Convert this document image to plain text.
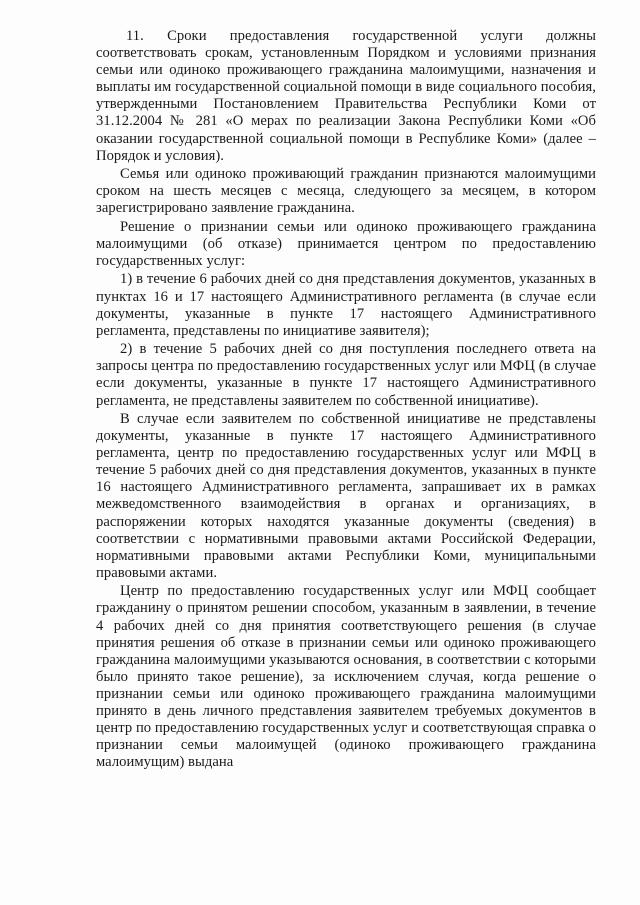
11. Сроки предоставления государственной услуги должны соответствовать срокам, установленным Порядком и условиями признания семьи или одиноко проживающего гражданина малоимущими, назначения и выплаты им государственной социальной помощи в виде социального пособия, утвержденными Постановлением Правительства Республики Коми от 31.12.2004 № 281 «О мерах по реализации Закона Республики Коми «Об оказании государственной социальной помощи в Республике Коми» (далее – Порядок и условия).

Семья или одиноко проживающий гражданин признаются малоимущими сроком на шесть месяцев с месяца, следующего за месяцем, в котором зарегистрировано заявление гражданина.

Решение о признании семьи или одиноко проживающего гражданина малоимущими (об отказе) принимается центром по предоставлению государственных услуг:

1) в течение 6 рабочих дней со дня представления документов, указанных в пунктах 16 и 17 настоящего Административного регламента (в случае если документы, указанные в пункте 17 настоящего Административного регламента, представлены по инициативе заявителя);

2) в течение 5 рабочих дней со дня поступления последнего ответа на запросы центра по предоставлению государственных услуг или МФЦ (в случае если документы, указанные в пункте 17 настоящего Административного регламента, не представлены заявителем по собственной инициативе).

В случае если заявителем по собственной инициативе не представлены документы, указанные в пункте 17 настоящего Административного регламента, центр по предоставлению государственных услуг или МФЦ в течение 5 рабочих дней со дня представления документов, указанных в пункте 16 настоящего Административного регламента, запрашивает их в рамках межведомственного взаимодействия в органах и организациях, в распоряжении которых находятся указанные документы (сведения) в соответствии с нормативными правовыми актами Российской Федерации, нормативными правовыми актами Республики Коми, муниципальными правовыми актами.

Центр по предоставлению государственных услуг или МФЦ сообщает гражданину о принятом решении способом, указанным в заявлении, в течение 4 рабочих дней со дня принятия соответствующего решения (в случае принятия решения об отказе в признании семьи или одиноко проживающего гражданина малоимущими указываются основания, в соответствии с которыми было принято такое решение), за исключением случая, когда решение о признании семьи или одиноко проживающего гражданина малоимущими принято в день личного представления заявителем требуемых документов в центр по предоставлению государственных услуг и соответствующая справка о признании семьи малоимущей (одиноко проживающего гражданина малоимущим) выдана
